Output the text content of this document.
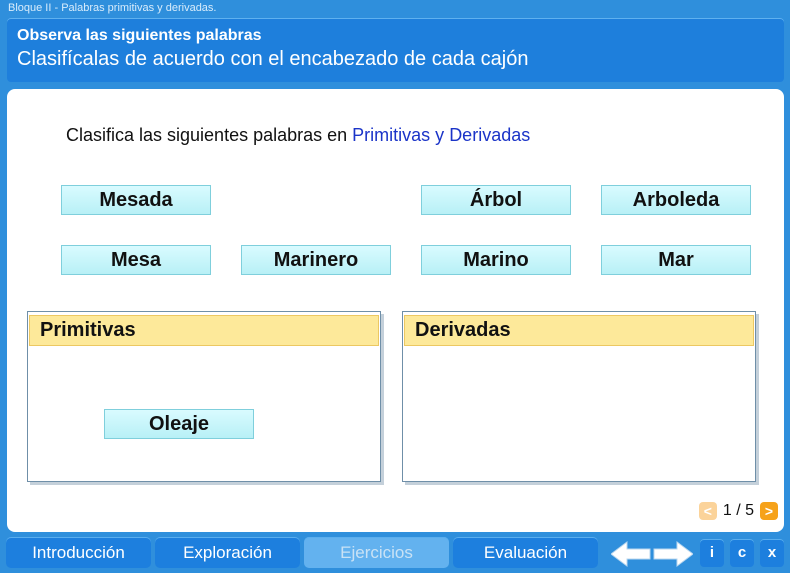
Bloque II - Palabras primitivas y derivadas.
Observa las siguientes palabras
Clasifícalas de acuerdo con el encabezado de cada cajón
Clasifica las siguientes palabras en Primitivas y Derivadas
Mesada	Árbol	Arboleda
Mesa	Marinero	Marino	Mar
Primitivas	Derivadas
Oleaje
< 1 / 5 >
Introducción	Exploración	Ejercicios	Evaluación	i	c	x
